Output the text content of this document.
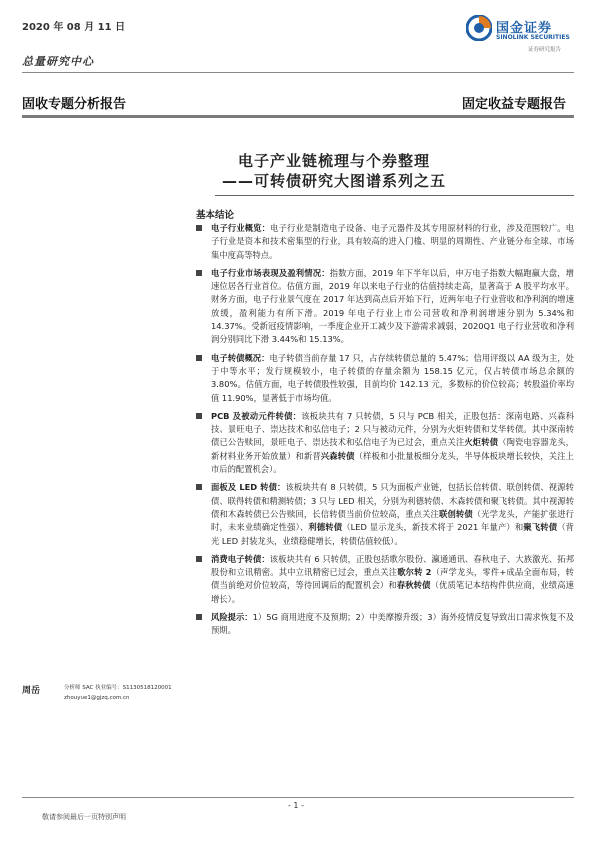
2020 年 08 月 11 日
总量研究中心
固收专题分析报告	固定收益专题报告
国金证券
SINOLINK SECURITIES
证券研究报告
电子产业链梳理与个券整理
——可转债研究大图谱系列之五
基本结论
电子行业概览：电子行业是制造电子设备、电子元器件及其专用原材料的行业，涉及范围较广。电子行业是资本和技术密集型的行业，具有较高的进入门槛、明显的周期性、产业链分布全球、市场集中度高等特点。
电子行业市场表现及盈利情况：指数方面，2019 年下半年以后，申万电子指数大幅跑赢大盘，增速位居各行业首位。估值方面，2019 年以来电子行业的估值持续走高，显著高于 A 股平均水平。财务方面，电子行业景气度在 2017 年达到高点后开始下行，近两年电子行业营收和净利润的增速放缓，盈利能力有所下滑。2019 年电子行业上市公司营收和净利润增速分别为 5.34%和 14.37%。受新冠疫情影响，一季度企业开工减少及下游需求减弱，2020Q1 电子行业营收和净利润分别同比下滑 3.44%和 15.13%。
电子转债概况：电子转债当前存量 17 只，占存续转债总量的 5.47%；信用评级以 AA 级为主，处于中等水平；发行规模较小，电子转债的存量余额为 158.15 亿元，仅占转债市场总余额的 3.80%。估值方面，电子转债股性较强，目前均价 142.13 元，多数标的价位较高；转股溢价率均值 11.90%，显著低于市场均值。
PCB 及被动元件转债：该板块共有 7 只转债，5 只与 PCB 相关，正股包括：深南电路、兴森科技、景旺电子、崇达技术和弘信电子；2 只与被动元件，分别为火炬转债和艾华转债。其中深南转债已公告赎回，景旺电子、崇达技术和弘信电子为已过会，重点关注火炬转债（陶瓷电容器龙头，新材料业务开始放量）和新晋兴森转债（样板和小批量板细分龙头，半导体板块增长较快，关注上市后的配置机会）。
面板及 LED 转债：该板块共有 8 只转债，5 只为面板产业链，包括长信转债、联创转债、视源转债、联得转债和精测转债；3 只与 LED 相关，分别为利德转债、木森转债和聚飞转债。其中视源转债和木森转债已公告赎回，长信转债当前价位较高，重点关注联创转债（光学龙头，产能扩张进行时，未来业绩确定性强）、利德转债（LED 显示龙头，新技术将于 2021 年量产）和聚飞转债（背光 LED 封装龙头，业绩稳健增长，转债估值较低）。
消费电子转债：该板块共有 6 只转债，正股包括歌尔股份、瀛通通讯、春秋电子、大族激光、拓邦股份和立讯精密。其中立讯精密已过会，重点关注歌尔转 2（声学龙头，零件+成品全面布局，转债当前绝对价位较高，等待回调后的配置机会）和春秋转债（优质笔记本结构件供应商，业绩高速增长）。
风险提示：1）5G 商用进度不及预期；2）中美摩擦升级；3）海外疫情反复导致出口需求恢复不及预期。
周岳	分析师 SAC 执业编号：S1130518120001
zhouyue1@gjzq.com.cn
- 1 -
敬请参阅最后一页特别声明
